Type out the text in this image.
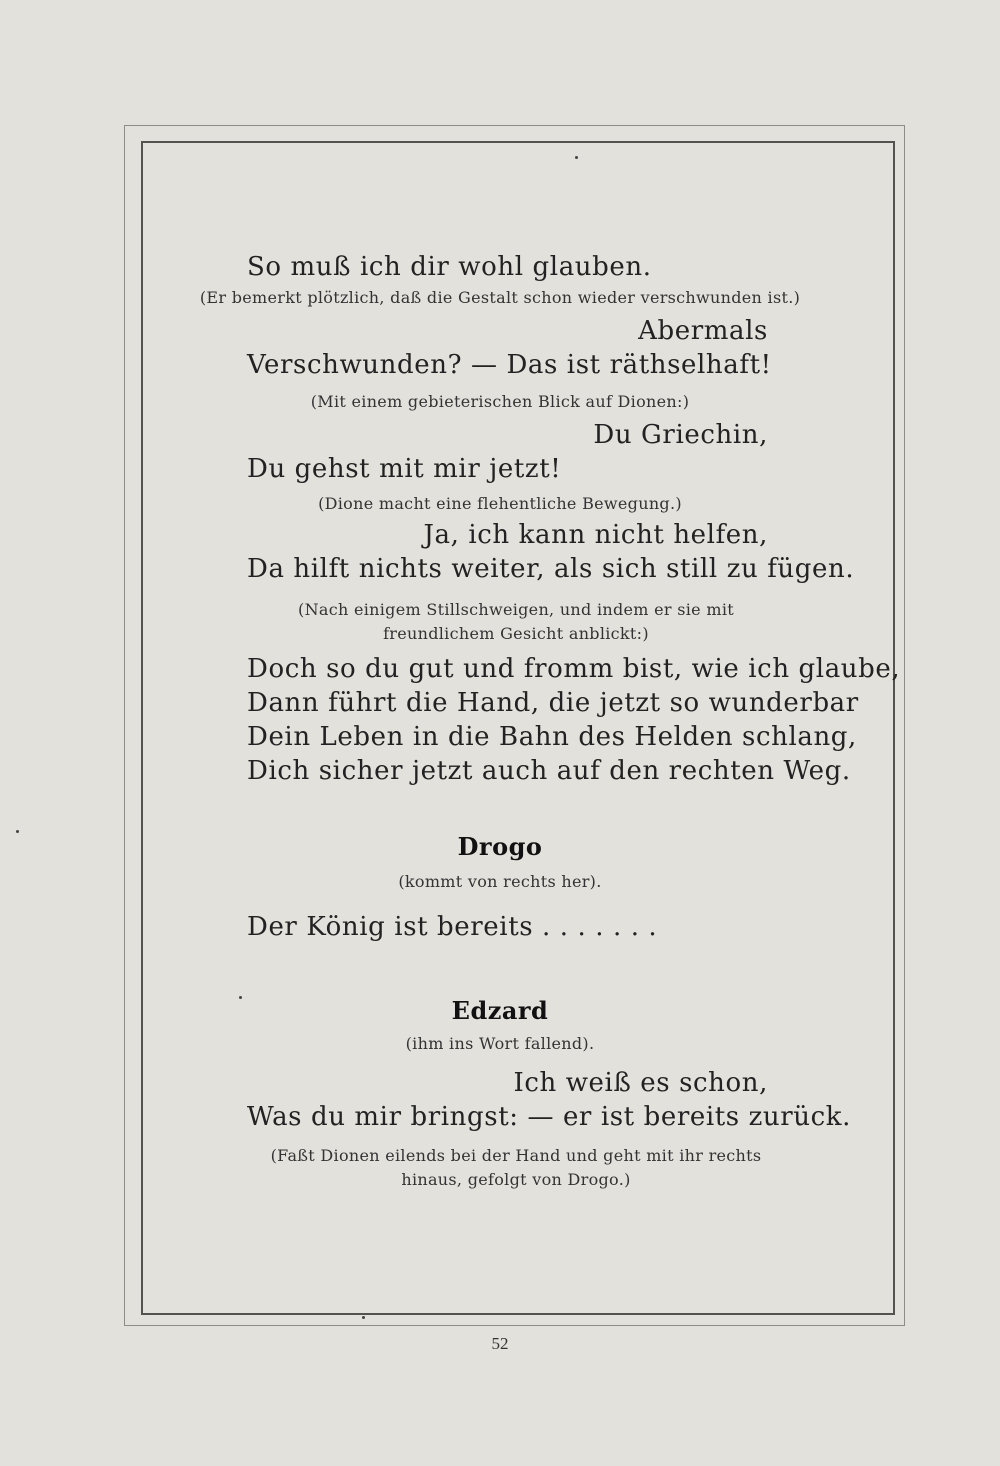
So muß ich dir wohl glauben.
(Er bemerkt plötzlich, daß die Gestalt schon wieder verschwunden ist.)
Abermals
Verschwunden? — Das ist räthselhaft!
(Mit einem gebieterischen Blick auf Dionen:)
Du Griechin,
Du gehst mit mir jetzt!
(Dione macht eine flehentliche Bewegung.)
Ja, ich kann nicht helfen,
Da hilft nichts weiter, als sich still zu fügen.
(Nach einigem Stillschweigen, und indem er sie mit freundlichem Gesicht anblickt:)
Doch so du gut und fromm bist, wie ich glaube,
Dann führt die Hand, die jetzt so wunderbar
Dein Leben in die Bahn des Helden schlang,
Dich sicher jetzt auch auf den rechten Weg.
Drogo
(kommt von rechts her).
Der König ist bereits . . . . . . .
Edzard
(ihm ins Wort fallend).
Ich weiß es schon,
Was du mir bringst: — er ist bereits zurück.
(Faßt Dionen eilends bei der Hand und geht mit ihr rechts hinaus, gefolgt von Drogo.)
52
